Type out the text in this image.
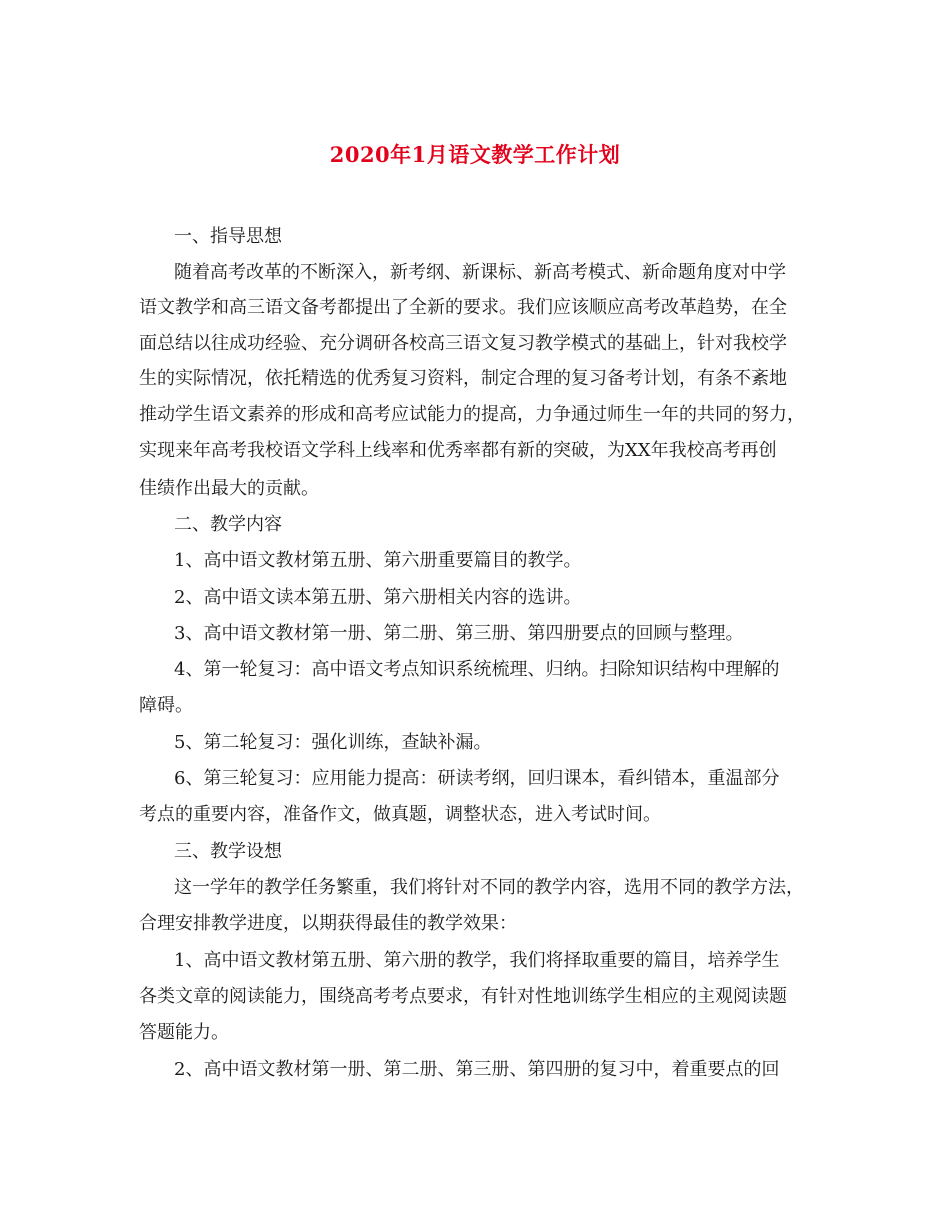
2020年1月语文教学工作计划
一、指导思想
随着高考改革的不断深入，新考纲、新课标、新高考模式、新命题角度对中学
语文教学和高三语文备考都提出了全新的要求。我们应该顺应高考改革趋势，在全
面总结以往成功经验、充分调研各校高三语文复习教学模式的基础上，针对我校学
生的实际情况，依托精选的优秀复习资料，制定合理的复习备考计划，有条不紊地
推动学生语文素养的形成和高考应试能力的提高，力争通过师生一年的共同的努力，
实现来年高考我校语文学科上线率和优秀率都有新的突破，为XX年我校高考再创
佳绩作出最大的贡献。
二、教学内容
1、高中语文教材第五册、第六册重要篇目的教学。
2、高中语文读本第五册、第六册相关内容的选讲。
3、高中语文教材第一册、第二册、第三册、第四册要点的回顾与整理。
4、第一轮复习：高中语文考点知识系统梳理、归纳。扫除知识结构中理解的
障碍。
5、第二轮复习：强化训练，查缺补漏。
6、第三轮复习：应用能力提高：研读考纲，回归课本，看纠错本，重温部分
考点的重要内容，准备作文，做真题，调整状态，进入考试时间。
三、教学设想
这一学年的教学任务繁重，我们将针对不同的教学内容，选用不同的教学方法，
合理安排教学进度，以期获得最佳的教学效果：
1、高中语文教材第五册、第六册的教学，我们将择取重要的篇目，培养学生
各类文章的阅读能力，围绕高考考点要求，有针对性地训练学生相应的主观阅读题
答题能力。
2、高中语文教材第一册、第二册、第三册、第四册的复习中，着重要点的回
